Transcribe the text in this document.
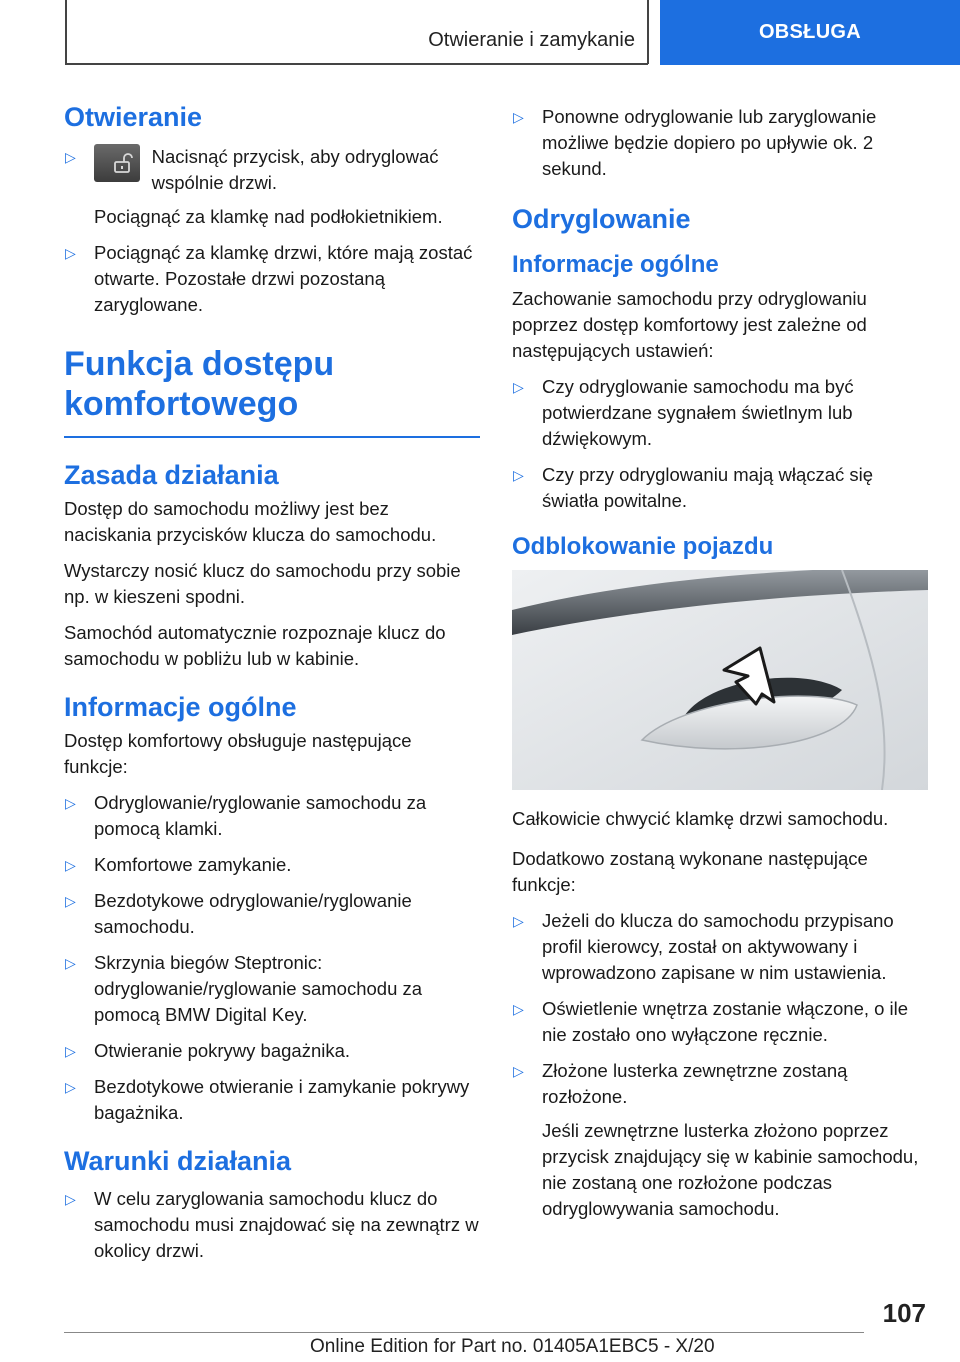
Otwieranie i zamykanie	OBSŁUGA
Otwieranie
▷	Nacisnąć przycisk, aby odryglować wspólnie drzwi.
Pociągnąć za klamkę nad podłokietnikiem.
▷ Pociągnąć za klamkę drzwi, które mają zostać otwarte. Pozostałe drzwi pozostaną zaryglowane.
Funkcja dostępu komfortowego
Zasada działania

Dostęp do samochodu możliwy jest bez naciskania przycisków klucza do samochodu.

Wystarczy nosić klucz do samochodu przy sobie np. w kieszeni spodni.

Samochód automatycznie rozpoznaje klucz do samochodu w pobliżu lub w kabinie.

Informacje ogólne

Dostęp komfortowy obsługuje następujące funkcje:

▷ Odryglowanie/ryglowanie samochodu za pomocą klamki.
▷ Komfortowe zamykanie.
▷ Bezdotykowe odryglowanie/ryglowanie samochodu.
▷ Skrzynia biegów Steptronic: odryglowanie/ryglowanie samochodu za pomocą BMW Digital Key.
▷ Otwieranie pokrywy bagażnika.
▷ Bezdotykowe otwieranie i zamykanie pokrywy bagażnika.
Warunki działania
▷ W celu zaryglowania samochodu klucz do samochodu musi znajdować się na zewnątrz w okolicy drzwi.
▷ Ponowne odryglowanie lub zaryglowanie możliwe będzie dopiero po upływie ok. 2 sekund.
Odryglowanie
Informacje ogólne

Zachowanie samochodu przy odryglowaniu poprzez dostęp komfortowy jest zależne od następujących ustawień:

▷ Czy odryglowanie samochodu ma być potwierdzane sygnałem świetlnym lub dźwiękowym.
▷ Czy przy odryglowaniu mają włączać się światła powitalne.
Odblokowanie pojazdu

Całkowicie chwycić klamkę drzwi samochodu.

Dodatkowo zostaną wykonane następujące funkcje:

▷ Jeżeli do klucza do samochodu przypisano profil kierowcy, został on aktywowany i wprowadzono zapisane w nim ustawienia.
▷ Oświetlenie wnętrza zostanie włączone, o ile nie zostało ono wyłączone ręcznie.
▷ Złożone lusterka zewnętrzne zostaną rozłożone.
Jeśli zewnętrzne lusterka złożono poprzez przycisk znajdujący się w kabinie samochodu, nie zostaną one rozłożone podczas odryglowywania samochodu.
107
Online Edition for Part no. 01405A1EBC5 - X/20
